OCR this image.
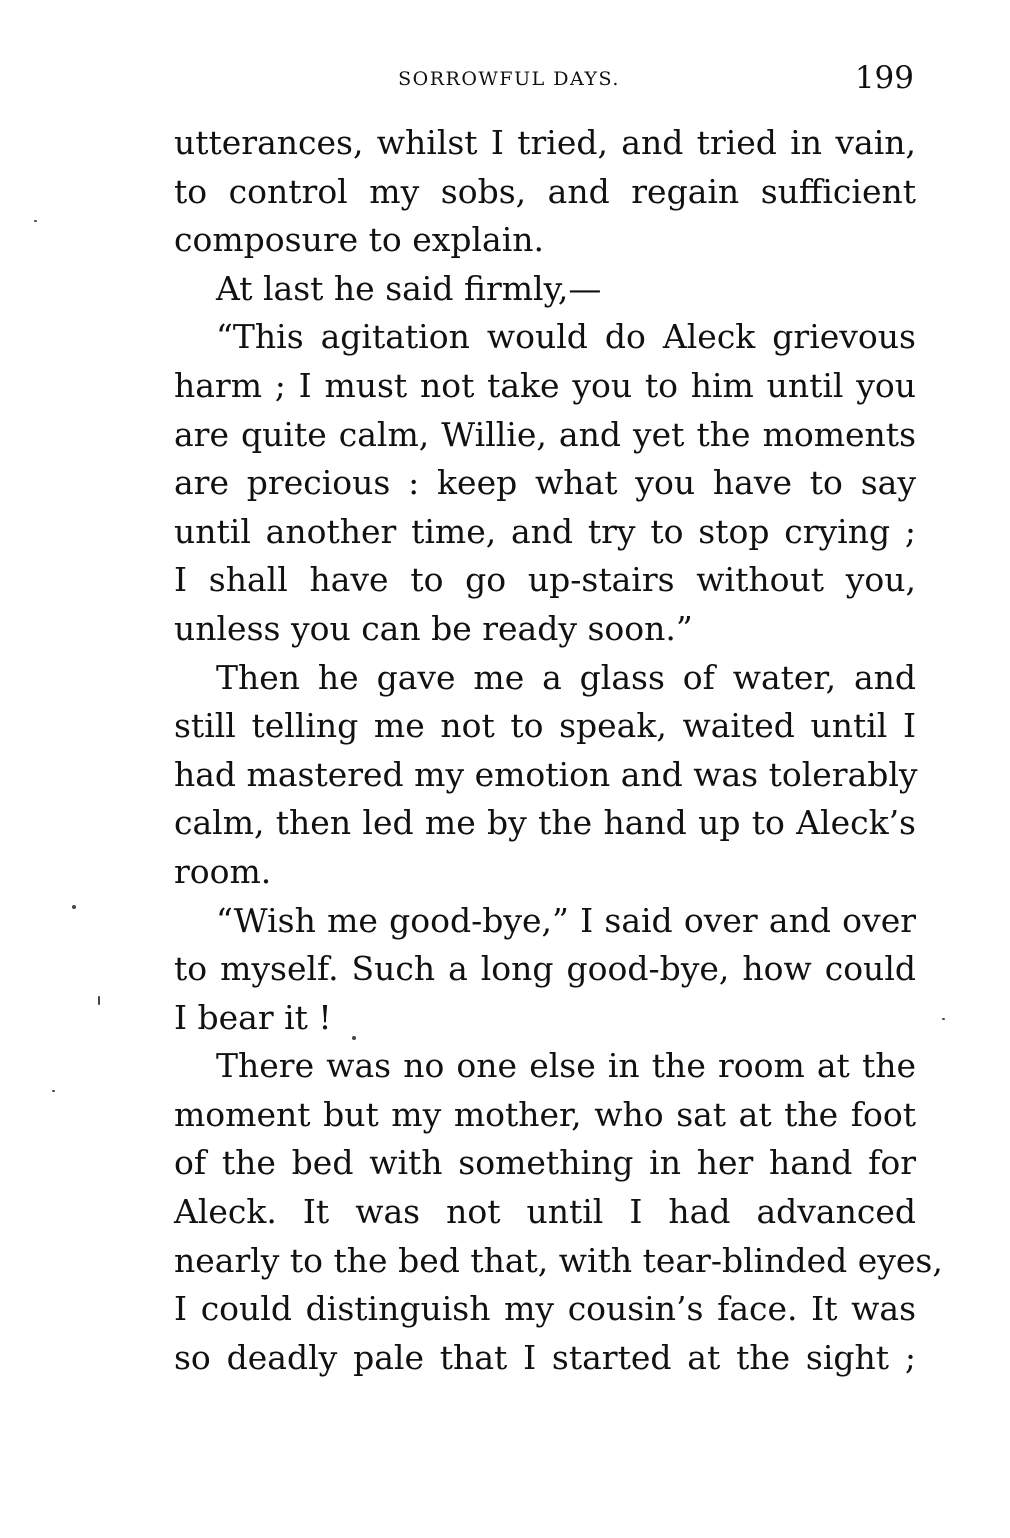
SORROWFUL DAYS.	199
utterances, whilst I tried, and tried in vain,
to control my sobs, and regain sufficient
composure to explain.
At last he said firmly,—
“This agitation would do Aleck grievous
harm ; I must not take you to him until you
are quite calm, Willie, and yet the moments
are precious : keep what you have to say
until another time, and try to stop crying ;
I shall have to go up-stairs without you,
unless you can be ready soon.”
Then he gave me a glass of water, and
still telling me not to speak, waited until I
had mastered my emotion and was tolerably
calm, then led me by the hand up to Aleck’s
room.
“Wish me good-bye,” I said over and over
to myself. Such a long good-bye, how could
I bear it !
There was no one else in the room at the
moment but my mother, who sat at the foot
of the bed with something in her hand for
Aleck. It was not until I had advanced
nearly to the bed that, with tear-blinded eyes,
I could distinguish my cousin’s face. It was
so deadly pale that I started at the sight ;
